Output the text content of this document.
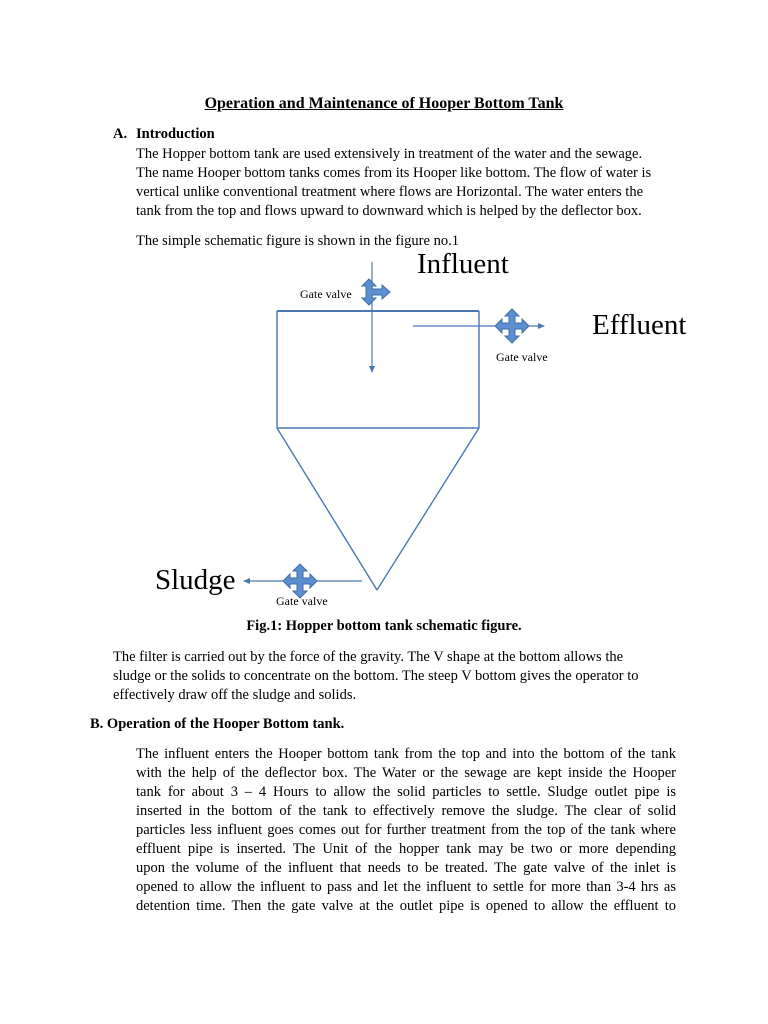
Operation and Maintenance of Hooper Bottom Tank
A. Introduction
The Hopper bottom tank are used extensively in treatment of the water and the sewage.
The name Hooper bottom tanks comes from its Hooper like bottom. The flow of water is
vertical unlike conventional treatment where flows are Horizontal. The water enters the
tank from the top and flows upward to downward which is helped by the deflector box.
The simple schematic figure is shown in the figure no.1
Influent
Effluent
Sludge
Gate valve
Gate valve
Gate valve
Fig.1: Hopper bottom tank schematic figure.
The filter is carried out by the force of the gravity. The V shape at the bottom allows the
sludge or the solids to concentrate on the bottom. The steep V bottom gives the operator to
effectively draw off the sludge and solids.
B. Operation of the Hooper Bottom tank.
The influent enters the Hooper bottom tank from the top and into the bottom of the tank
with the help of the deflector box. The Water or the sewage are kept inside the Hooper
tank for about 3 – 4 Hours to allow the solid particles to settle. Sludge outlet pipe is
inserted in the bottom of the tank to effectively remove the sludge. The clear of solid
particles less influent goes comes out for further treatment from the top of the tank where
effluent pipe is inserted. The Unit of the hopper tank may be two or more depending
upon the volume of the influent that needs to be treated. The gate valve of the inlet is
opened to allow the influent to pass and let the influent to settle for more than 3-4 hrs as
detention time. Then the gate valve at the outlet pipe is opened to allow the effluent to
